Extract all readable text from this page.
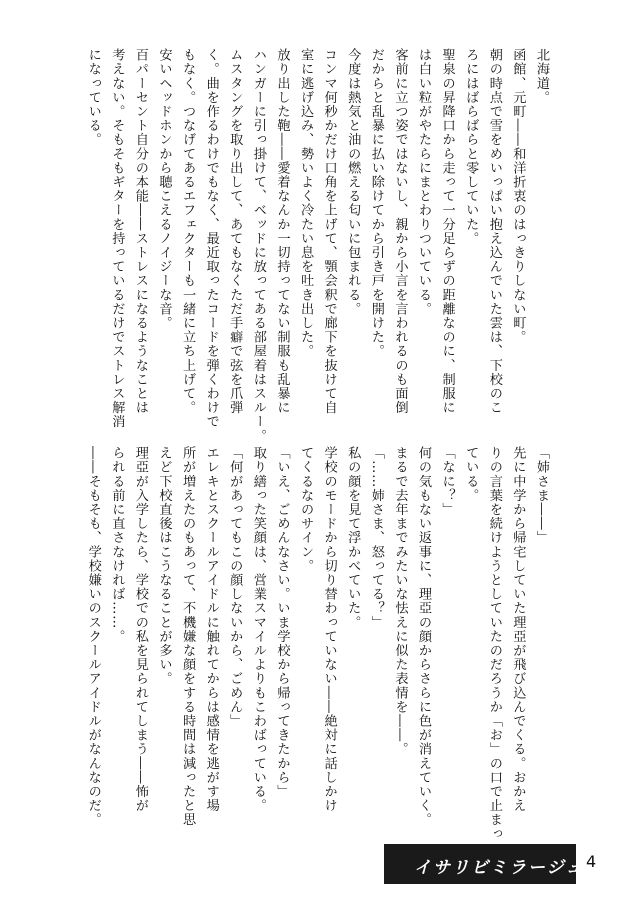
北海道。

函館、元町――和洋折衷のはっきりしない町。

朝の時点で雪をめいっぱい抱え込んでいた雲は、下校のこ

ろにはばらばらと零していた。

聖泉の昇降口から走って一分足らずの距離なのに、制服に

は白い粒がやたらにまとわりついている。

客前に立つ姿ではないし、親から小言を言われるのも面倒

だからと乱暴に払い除けてから引き戸を開けた。

今度は熱気と油の燃える匂いに包まれる。

コンマ何秒かだけ口角を上げて、顎会釈で廊下を抜けて自

室に逃げ込み、勢いよく冷たい息を吐き出した。

放り出した鞄――愛着なんか一切持ってない制服も乱暴に

ハンガーに引っ掛けて、ベッドに放ってある部屋着はスルー。

ムスタングを取り出して、あてもなくただ手癖で弦を爪弾

く。曲を作るわけでもなく、最近取ったコードを弾くわけで

もなく。つなげてあるエフェクターも一緒に立ち上げて。

安いヘッドホンから聴こえるノイジーな音。

百パーセント自分の本能――ストレスになるようなことは

考えない。そもそもギターを持っているだけでストレス解消

になっている。

「姉さま――」

先に中学から帰宅していた理亞が飛び込んでくる。おかえ

りの言葉を続けようとしていたのだろうか「お」の口で止まっ

ている。

「なに？」

何の気もない返事に、理亞の顔からさらに色が消えていく。

まるで去年までみたいな怯えに似た表情を――。

「……姉さま、怒ってる？」

私の顔を見て浮かべていた。

学校のモードから切り替わっていない――絶対に話しかけ

てくるなのサイン。

「いえ、ごめんなさい。いま学校から帰ってきたから」

取り繕った笑顔は、営業スマイルよりもこわばっている。

「何があってもこの顔しないから、ごめん」

エレキとスクールアイドルに触れてからは感情を逃がす場

所が増えたのもあって、不機嫌な顔をする時間は減ったと思

えど下校直後はこうなることが多い。

理亞が入学したら、学校での私を見られてしまう――怖が

られる前に直さなければ……。

――そもそも、学校嫌いのスクールアイドルがなんなのだ。

イサリビミラージュ 4
